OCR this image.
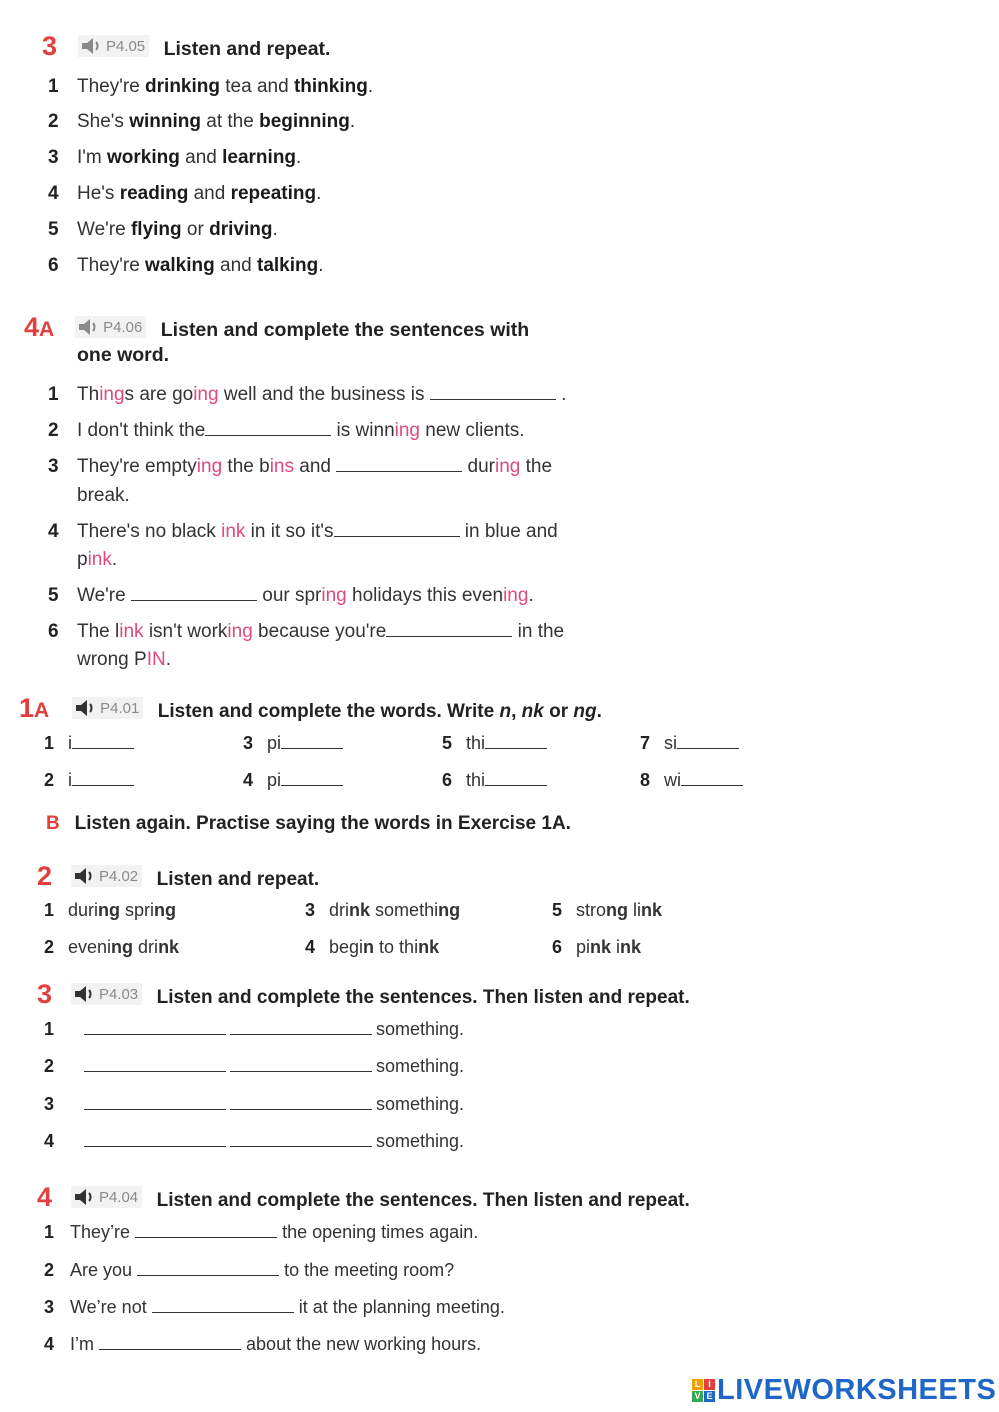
3	P4.05 Listen and repeat.
1 They're drinking tea and thinking.
2 She's winning at the beginning.
3 I'm working and learning.
4 He's reading and repeating.
5 We're flying or driving.
6 They're walking and talking.
4A	P4.06 Listen and complete the sentences with
one word.
1 Things are going well and the business is	.
2 I don't think the	is winning new clients.
3 They're emptying the bins and	during the
break.
4 There's no black ink in it so it's	in blue and
pink.
5 We're	our spring holidays this evening.
6 The link isn't working because you're	in the
wrong PIN.
1A	P4.01 Listen and complete the words. Write n, nk or ng.
1 i	3 pi	5 thi	7 si
2 i	4 pi	6 thi	8 wi
B Listen again. Practise saying the words in Exercise 1A.
2	P4.02 Listen and repeat.
1 during spring	3 drink something	5 strong link
2 evening drink	4 begin to think	6 pink ink
3	P4.03 Listen and complete the sentences. Then listen and repeat.
1	something.
2	something.
3	something.
4	something.
4	P4.04 Listen and complete the sentences. Then listen and repeat.
1 They’re	the opening times again.
2 Are you	to the meeting room?
3 We’re not	it at the planning meeting.
4 I’m	about the new working hours.
L I
V E LIVEWORKSHEETS
